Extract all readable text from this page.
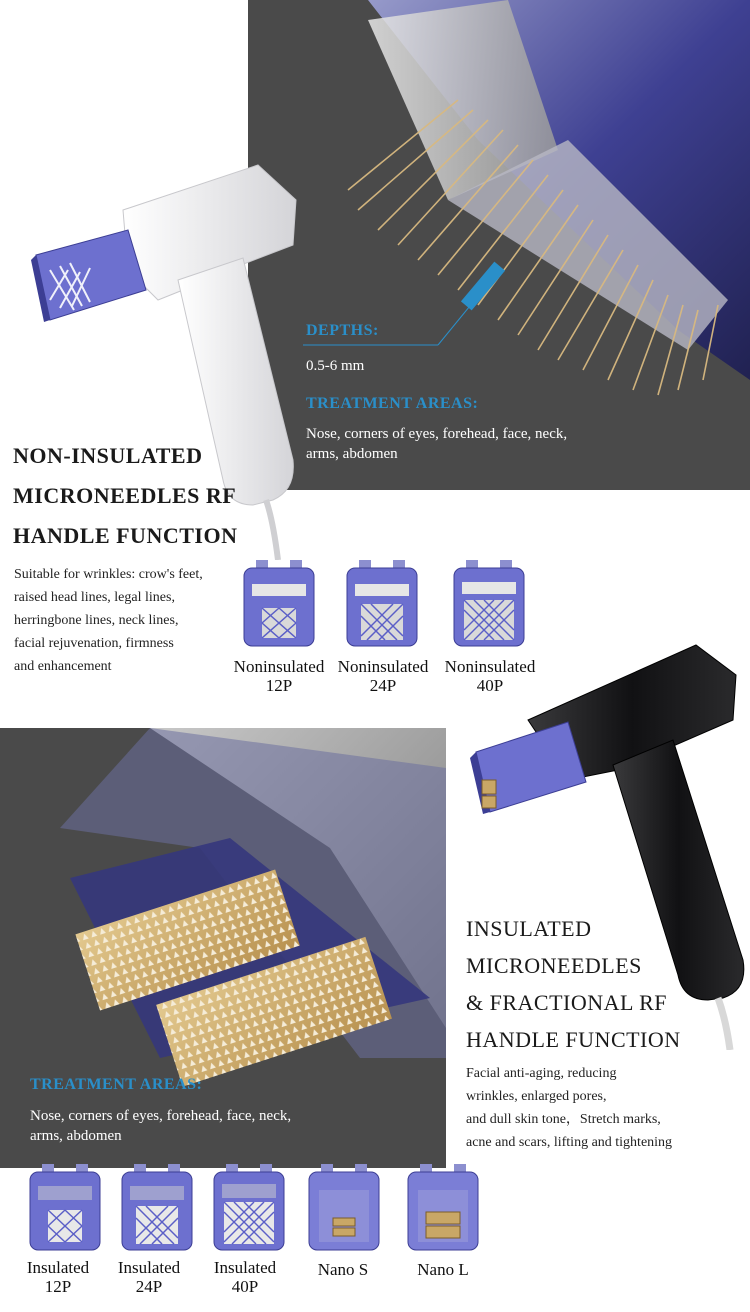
DEPTHS:
0.5-6 mm
TREATMENT AREAS:
Nose, corners of eyes, forehead, face, neck,
arms, abdomen
NON-INSULATED
MICRONEEDLES RF
HANDLE FUNCTION
Suitable for wrinkles: crow's feet,
raised head lines, legal lines,
herringbone lines, neck lines,
facial rejuvenation, firmness
and enhancement	Noninsulated
12P
Noninsulated
24P
Noninsulated
40P
TREATMENT AREAS:
Nose, corners of eyes, forehead, face, neck,
arms, abdomen
INSULATED
MICRONEEDLES
& FRACTIONAL RF
HANDLE FUNCTION
Facial anti-aging, reducing
wrinkles, enlarged pores,
and dull skin tone，Stretch marks,
acne and scars, lifting and tightening
Insulated
12P
Insulated
24P
Insulated
40P
Nano S	Nano L
